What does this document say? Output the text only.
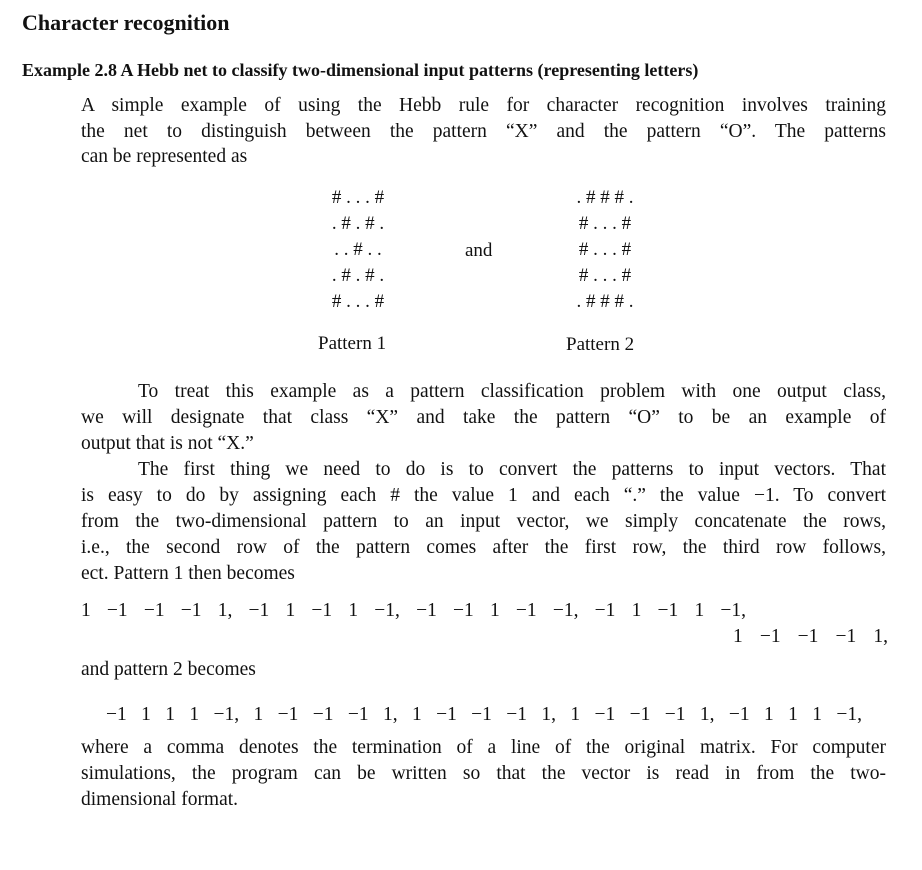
Character recognition
Example 2.8 A Hebb net to classify two-dimensional input patterns (representing letters)
A simple example of using the Hebb rule for character recognition involves training
the net to distinguish between the pattern “X” and the pattern “O”. The patterns
can be represented as
# . . . #
. # . # .
. . # . .
. # . # .
# . . . #
Pattern 1
and
. # # # .
# . . . #
# . . . #
# . . . #
. # # # .
Pattern 2
To treat this example as a pattern classification problem with one output class,
we will designate that class “X” and take the pattern “O” to be an example of
output that is not “X.”
The first thing we need to do is to convert the patterns to input vectors. That
is easy to do by assigning each # the value 1 and each “.” the value −1. To convert
from the two-dimensional pattern to an input vector, we simply concatenate the rows,
i.e., the second row of the pattern comes after the first row, the third row follows,
ect. Pattern 1 then becomes
1 −1 −1 −1 1, −1 1 −1 1 −1, −1 −1 1 −1 −1, −1 1 −1 1 −1,
1 −1 −1 −1 1,
and pattern 2 becomes
−1 1 1 1 −1, 1 −1 −1 −1 1, 1 −1 −1 −1 1, 1 −1 −1 −1 1, −1 1 1 1 −1,
where a comma denotes the termination of a line of the original matrix. For computer
simulations, the program can be written so that the vector is read in from the two-
dimensional format.
